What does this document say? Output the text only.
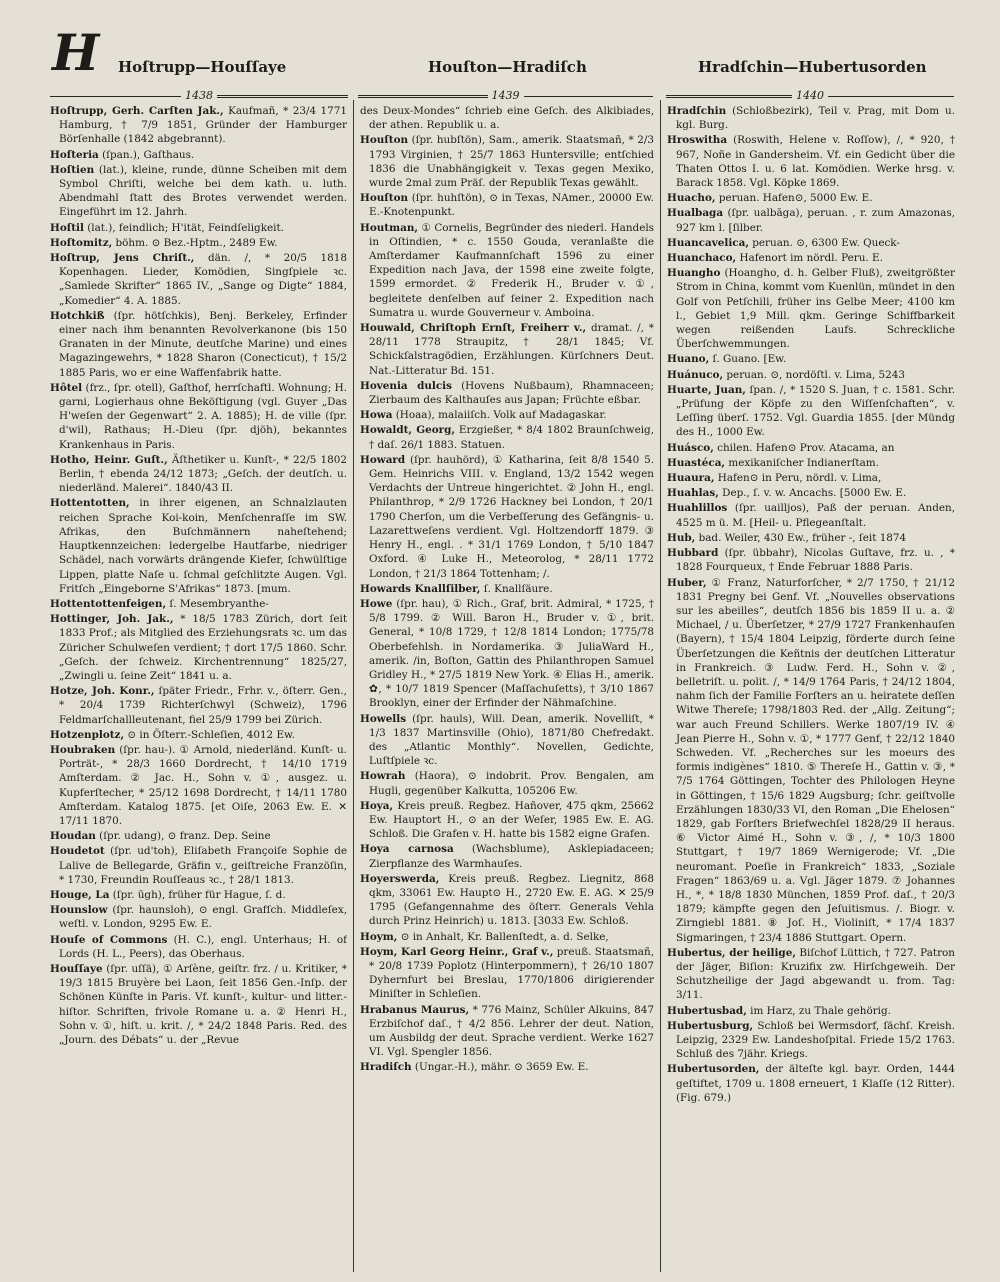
H Hoſtrupp—Houſſaye	Houſton—Hradiſch	Hradſchin—Hubertusorden
1438	1439	1440

Hoſtrupp, Gerh. Carſten Jak., Kaufmañ, * 23/4 1771 Hamburg, † 7/9 1851, Gründer der Hamburger Börſenhalle (1842 abgebrannt).

Hoſteria (ſpan.), Gaſthaus.

Hoſtien (lat.), kleine, runde, dünne Scheiben mit dem Symbol Chriſti, welche bei dem kath. u. luth. Abendmahl ſtatt des Brotes verwendet werden. Eingeführt im 12. Jahrh.

Hoſtil (lat.), feindlich; H'ität, Feindſeligkeit.

Hoſtomitz, böhm. ⊙ Bez.-Hptm., 2489 Ew.

Hoſtrup, Jens Chriſt., dän. /, * 20/5 1818 Kopenhagen. Lieder, Komödien, Singſpiele ꝛc. „Samlede Skrifter“ 1865 IV., „Sange og Digte“ 1884, „Komedier“ 4. A. 1885.

Hotchkiß (ſpr. hötſchkis), Benj. Berkeley, Erfinder einer nach ihm benannten Revolverkanone (bis 150 Granaten in der Minute, deutſche Marine) und eines Magazingewehrs, * 1828 Sharon (Conecticut), † 15/2 1885 Paris, wo er eine Waffenfabrik hatte.

Hôtel (frz., ſpr. otell), Gaſthof, herrſchaftl. Wohnung; H. garni, Logierhaus ohne Beköſtigung (vgl. Guyer „Das H'weſen der Gegenwart“ 2. A. 1885); H. de ville (ſpr. d'wil), Rathaus; H.-Dieu (ſpr. djöh), bekanntes Krankenhaus in Paris.

Hotho, Heinr. Guſt., Äſthetiker u. Kunſt-, * 22/5 1802 Berlin, † ebenda 24/12 1873; „Geſch. der deutſch. u. niederländ. Malerei“. 1840/43 II.

Hottentotten, in ihrer eigenen, an Schnalzlauten reichen Sprache Koi-koin, Menſchenraſſe im SW. Afrikas, den Buſchmännern naheſtehend; Hauptkennzeichen: ledergelbe Hautfarbe, niedriger Schädel, nach vorwärts drängende Kiefer, ſchwülſtige Lippen, platte Naſe u. ſchmal geſchlitzte Augen. Vgl. Fritſch „Eingeborne S'Afrikas“ 1873. [mum.

Hottentottenfeigen, ſ. Mesembryanthe-

Hottinger, Joh. Jak., * 18/5 1783 Zürich, dort ſeit 1833 Prof.; als Mitglied des Erziehungsrats ꝛc. um das Züricher Schulweſen verdient; † dort 17/5 1860. Schr. „Geſch. der ſchweiz. Kirchentrennung“ 1825/27, „Zwingli u. ſeine Zeit“ 1841 u. a.

Hotze, Joh. Konr., ſpäter Friedr., Frhr. v., öſterr. Gen., * 20/4 1739 Richterſchwyl (Schweiz), 1796 Feldmarſchallleutenant, fiel 25/9 1799 bei Zürich.

Hotzenplotz, ⊙ in Öſterr.-Schleſien, 4012 Ew.

Houbraken (ſpr. hau-). ① Arnold, niederländ. Kunſt- u. Porträt-, * 28/3 1660 Dordrecht, † 14/10 1719 Amſterdam. ② Jac. H., Sohn v. ①, ausgez. u. Kupferſtecher, * 25/12 1698 Dordrecht, † 14/11 1780 Amſterdam. Katalog 1875. [et Oiſe, 2063 Ew. E. ✕ 17/11 1870.

Houdan (ſpr. udang), ⊙ franz. Dep. Seine

Houdetot (ſpr. ud'toh), Eliſabeth Françoiſe Sophie de Lalive de Bellegarde, Gräfin v., geiſtreiche Franzöſin, * 1730, Freundin Rouſſeaus ꝛc., † 28/1 1813.

Houge, La (ſpr. ūgh), früher für Hague, ſ. d.

Hounslow (ſpr. haunsloh), ⊙ engl. Grafſch. Middleſex, weſtl. v. London, 9295 Ew. E.

Houſe of Commons (H. C.), engl. Unterhaus; H. of Lords (H. L., Peers), das Oberhaus.

Houſſaye (ſpr. uſſä), ① Arſène, geiſtr. frz. / u. Kritiker, * 19/3 1815 Bruyère bei Laon, ſeit 1856 Gen.-Inſp. der Schönen Künſte in Paris. Vf. kunſt-, kultur- und litter.-hiſtor. Schriften, frivole Romane u. a. ② Henri H., Sohn v. ①, hiſt. u. krit. /, * 24/2 1848 Paris. Red. des „Journ. des Débats“ u. der „Revue

des Deux-Mondes“ ſchrieb eine Geſch. des Alkibiades, der athen. Republik u. a.

Houſton (ſpr. hubſtön), Sam., amerik. Staatsmañ, * 2/3 1793 Virginien, † 25/7 1863 Huntersville; entſchied 1836 die Unabhängigkeit v. Texas gegen Mexiko, wurde 2mal zum Präſ. der Republik Texas gewählt.

Houſton (ſpr. huhſtön), ⊙ in Texas, NAmer., 20000 Ew. E.-Knotenpunkt.

Houtman, ① Cornelis, Begründer des niederl. Handels in Oſtindien, * c. 1550 Gouda, veranlaßte die Amſterdamer Kaufmannſchaft 1596 zu einer Expedition nach Java, der 1598 eine zweite folgte, 1599 ermordet. ② Frederik H., Bruder v. ①, begleitete denſelben auf ſeiner 2. Expedition nach Sumatra u. wurde Gouverneur v. Amboina.

Houwald, Chriſtoph Ernſt, Freiherr v., dramat. /, * 28/11 1778 Straupitz, † 28/1 1845; Vf. Schickſalstragödien, Erzählungen. Kürſchners Deut. Nat.-Litteratur Bd. 151.

Hovenia dulcis (Hovens Nußbaum), Rhamnaceen; Zierbaum des Kalthauſes aus Japan; Früchte eßbar.

Howa (Hoaa), malaiiſch. Volk auf Madagaskar.

Howaldt, Georg, Erzgießer, * 8/4 1802 Braunſchweig, † daſ. 26/1 1883. Statuen.

Howard (ſpr. hauhörd), ① Katharina, ſeit 8/8 1540 5. Gem. Heinrichs VIII. v. England, 13/2 1542 wegen Verdachts der Untreue hingerichtet. ② John H., engl. Philanthrop, * 2/9 1726 Hackney bei London, † 20/1 1790 Cherſon, um die Verbeſſerung des Gefängnis- u. Lazarettweſens verdient. Vgl. Holtzendorff 1879. ③ Henry H., engl. . * 31/1 1769 London, † 5/10 1847 Oxford. ④ Luke H., Meteorolog, * 28/11 1772 London, † 21/3 1864 Tottenham; /.

Howards Knallſilber, ſ. Knallſäure.

Howe (ſpr. hau), ① Rich., Graf, brit. Admiral, * 1725, † 5/8 1799. ② Will. Baron H., Bruder v. ①, brit. General, * 10/8 1729, † 12/8 1814 London; 1775/78 Oberbefehlsh. in Nordamerika. ③ JuliaWard H., amerik. /in, Boſton, Gattin des Philanthropen Samuel Gridley H., * 27/5 1819 New York. ④ Elias H., amerik. ✿, * 10/7 1819 Spencer (Maſſachuſetts), † 3/10 1867 Brooklyn, einer der Erfinder der Nähmaſchine.

Howells (ſpr. hauls), Will. Dean, amerik. Novelliſt, * 1/3 1837 Martinsville (Ohio), 1871/80 Chefredakt. des „Atlantic Monthly“. Novellen, Gedichte, Luſtſpiele ꝛc.

Howrah (Haora), ⊙ indobrit. Prov. Bengalen, am Hugli, gegenüber Kalkutta, 105206 Ew.

Hoya, Kreis preuß. Regbez. Hañover, 475 qkm, 25662 Ew. Hauptort H., ⊙ an der Weſer, 1985 Ew. E. AG. Schloß. Die Grafen v. H. hatte bis 1582 eigne Grafen.

Hoya carnosa (Wachsblume), Asklepiadaceen; Zierpflanze des Warmhauſes.

Hoyerswerda, Kreis preuß. Regbez. Liegnitz, 868 qkm, 33061 Ew. Haupt⊙ H., 2720 Ew. E. AG. ✕ 25/9 1795 (Gefangennahme des öſterr. Generals Vehla durch Prinz Heinrich) u. 1813. [3033 Ew. Schloß.

Hoym, ⊙ in Anhalt, Kr. Ballenſtedt, a. d. Selke,

Hoym, Karl Georg Heinr., Graf v., preuß. Staatsmañ, * 20/8 1739 Poplotz (Hinterpommern), † 26/10 1807 Dyhernfurt bei Breslau, 1770/1806 dirigierender Miniſter in Schleſien.

Hrabanus Maurus, * 776 Mainz, Schüler Alkuins, 847 Erzbiſchof daſ., † 4/2 856. Lehrer der deut. Nation, um Ausbildg der deut. Sprache verdient. Werke 1627 VI. Vgl. Spengler 1856.

Hradiſch (Ungar.-H.), mähr. ⊙ 3659 Ew. E.

Hradſchin (Schloßbezirk), Teil v. Prag, mit Dom u. kgl. Burg.

Hroswitha (Roswith, Helene v. Roſſow), /, * 920, † 967, Noñe in Gandersheim. Vf. ein Gedicht über die Thaten Ottos I. u. 6 lat. Komödien. Werke hrsg. v. Barack 1858. Vgl. Köpke 1869.

Huacho, peruan. Hafen⊙, 5000 Ew. E.

Hualbaga (ſpr. ualbāga), peruan. , r. zum Amazonas, 927 km l. [ſilber.

Huancavelica, peruan. ⊙, 6300 Ew. Queck-

Huanchaco, Hafenort im nördl. Peru. E.

Huangho (Hoangho, d. h. Gelber Fluß), zweitgrößter Strom in China, kommt vom Kuenlün, mündet in den Golf von Petſchili, früher ins Gelbe Meer; 4100 km l., Gebiet 1,9 Mill. qkm. Geringe Schiffbarkeit wegen reißenden Laufs. Schreckliche Überſchwemmungen.

Huano, ſ. Guano. [Ew.

Huánuco, peruan. ⊙, nordöſtl. v. Lima, 5243

Huarte, Juan, ſpan. /, * 1520 S. Juan, † c. 1581. Schr. „Prüfung der Köpfe zu den Wiſſenſchaften“, v. Leſſing überſ. 1752. Vgl. Guardia 1855. [der Mündg des H., 1000 Ew.

Huásco, chilen. Hafen⊙ Prov. Atacama, an

Huastéca, mexikaniſcher Indianerſtam.

Huaura, Hafen⊙ in Peru, nördl. v. Lima,

Huahlas, Dep., ſ. v. w. Ancachs. [5000 Ew. E.

Huahlillos (ſpr. uailljos), Paß der peruan. Anden, 4525 m ü. M. [Heil- u. Pflegeanſtalt.

Hub, bad. Weiler, 430 Ew., früher -, ſeit 1874

Hubbard (ſpr. übbahr), Nicolas Guſtave, frz. u. , * 1828 Fourqueux, † Ende Februar 1888 Paris.

Huber, ① Franz, Naturforſcher, * 2/7 1750, † 21/12 1831 Pregny bei Genf. Vf. „Nouvelles observations sur les abeilles“, deutſch 1856 bis 1859 II u. a. ② Michael, / u. Überſetzer, * 27/9 1727 Frankenhauſen (Bayern), † 15/4 1804 Leipzig, förderte durch ſeine Überſetzungen die Keñtnis der deutſchen Litteratur in Frankreich. ③ Ludw. Ferd. H., Sohn v. ②, belletriſt. u. polit. /, * 14/9 1764 Paris, † 24/12 1804, nahm ſich der Familie Forſters an u. heiratete deſſen Witwe Thereſe; 1798/1803 Red. der „Allg. Zeitung“; war auch Freund Schillers. Werke 1807/19 IV. ④ Jean Pierre H., Sohn v. ①, * 1777 Genf, † 22/12 1840 Schweden. Vf. „Recherches sur les moeurs des formis indigènes“ 1810. ⑤ Thereſe H., Gattin v. ③, * 7/5 1764 Göttingen, Tochter des Philologen Heyne in Göttingen, † 15/6 1829 Augsburg; ſchr. geiſtvolle Erzählungen 1830/33 VI, den Roman „Die Ehelosen“ 1829, gab Forſters Briefwechſel 1828/29 II heraus. ⑥ Victor Aimé H., Sohn v. ③, /, * 10/3 1800 Stuttgart, † 19/7 1869 Wernigerode; Vf. „Die neuromant. Poeſie in Frankreich“ 1833, „Soziale Fragen“ 1863/69 u. a. Vgl. Jäger 1879. ⑦ Johannes H., *, * 18/8 1830 München, 1859 Prof. daſ., † 20/3 1879; kämpfte gegen den Jeſuitismus. /. Biogr. v. Zirngiebl 1881. ⑧ Joſ. H., Violiniſt, * 17/4 1837 Sigmaringen, † 23/4 1886 Stuttgart. Opern.

Hubertus, der heilige, Biſchof Lüttich, † 727. Patron der Jäger, Biſion: Kruzifix zw. Hirſchgeweih. Der Schutzheilige der Jagd abgewandt u. from. Tag: 3/11.

Hubertusbad, im Harz, zu Thale gehörig.

Hubertusburg, Schloß bei Wermsdorf, ſächſ. Kreish. Leipzig, 2329 Ew. Landeshoſpital. Friede 15/2 1763. Schluß des 7jähr. Kriegs.

Hubertusorden, der älteſte kgl. bayr. Orden, 1444 geſtiftet, 1709 u. 1808 erneuert, 1 Klaſſe (12 Ritter). (Fig. 679.)
